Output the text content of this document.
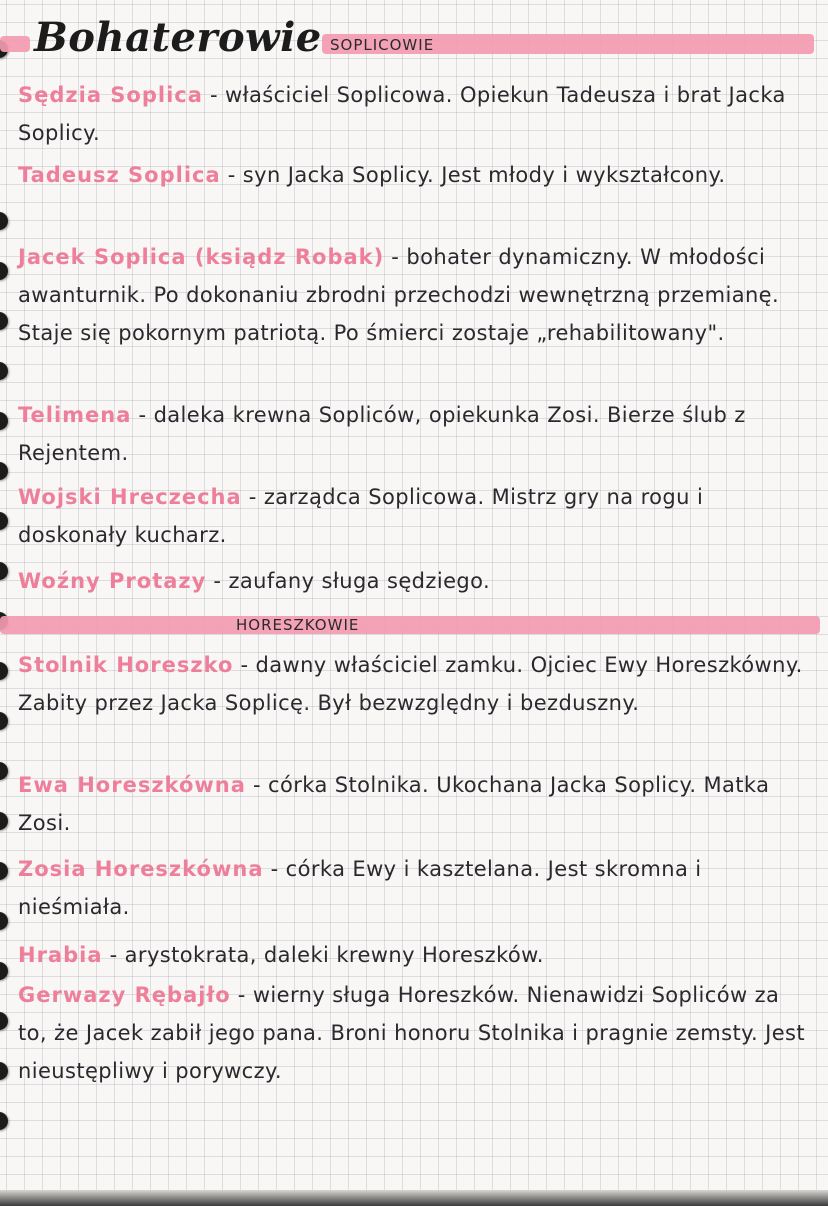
Bohaterowie SOPLICOWIE
Sędzia Soplica - właściciel Soplicowa. Opiekun Tadeusza i brat Jacka Soplicy.
Tadeusz Soplica - syn Jacka Soplicy. Jest młody i wykształcony.
Jacek Soplica (ksiądz Robak) - bohater dynamiczny. W młodości awanturnik. Po dokonaniu zbrodni przechodzi wewnętrzną przemianę. Staje się pokornym patriotą. Po śmierci zostaje „rehabilitowany".
Telimena - daleka krewna Sopliców, opiekunka Zosi. Bierze ślub z Rejentem.
Wojski Hreczecha - zarządca Soplicowa. Mistrz gry na rogu i doskonały kucharz.
Woźny Protazy - zaufany sługa sędziego.
HORESZKOWIE
Stolnik Horeszko - dawny właściciel zamku. Ojciec Ewy Horeszkówny. Zabity przez Jacka Soplicę. Był bezwzględny i bezduszny.
Ewa Horeszkówna - córka Stolnika. Ukochana Jacka Soplicy. Matka Zosi.
Zosia Horeszkówna - córka Ewy i kasztelana. Jest skromna i nieśmiała.
Hrabia - arystokrata, daleki krewny Horeszków.
Gerwazy Rębajło - wierny sługa Horeszków. Nienawidzi Sopliców za to, że Jacek zabił jego pana. Broni honoru Stolnika i pragnie zemsty. Jest nieustępliwy i porywczy.
